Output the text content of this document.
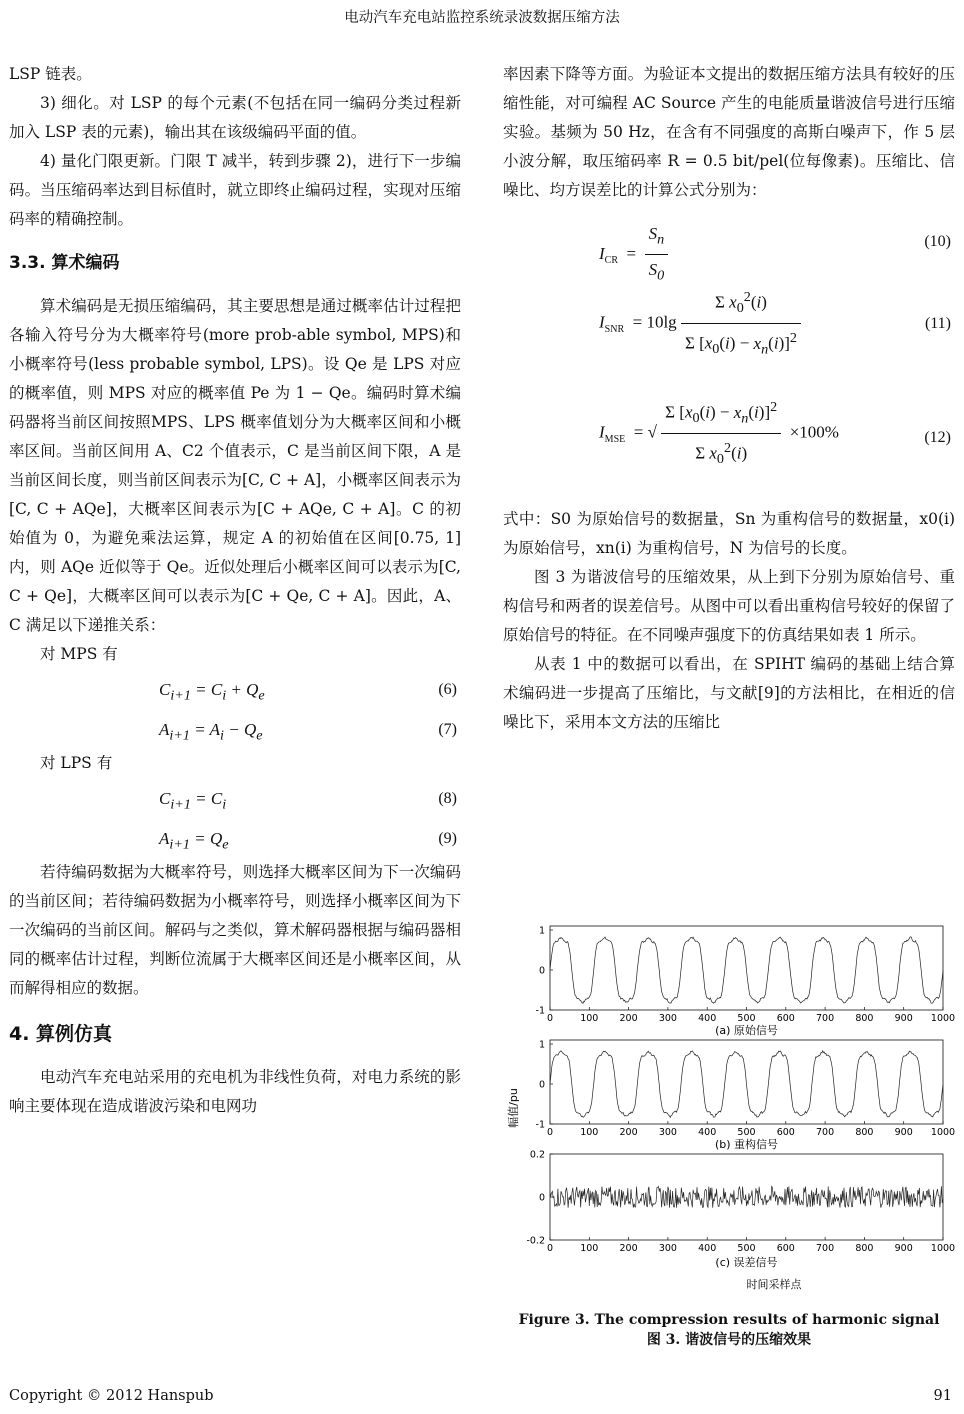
电动汽车充电站监控系统录波数据压缩方法

LSP 链表。

3) 细化。对 LSP 的每个元素(不包括在同一编码分类过程新加入 LSP 表的元素)，输出其在该级编码平面的值。

4) 量化门限更新。门限 T 减半，转到步骤 2)，进行下一步编码。当压缩码率达到目标值时，就立即终止编码过程，实现对压缩码率的精确控制。

3.3. 算术编码

算术编码是无损压缩编码，其主要思想是通过概率估计过程把各输入符号分为大概率符号(more prob-able symbol, MPS)和小概率符号(less probable symbol, LPS)。设 Qe 是 LPS 对应的概率值，则 MPS 对应的概率值 Pe 为 1 − Qe。编码时算术编码器将当前区间按照MPS、LPS 概率值划分为大概率区间和小概率区间。当前区间用 A、C2 个值表示，C 是当前区间下限，A 是当前区间长度，则当前区间表示为[C, C + A]，小概率区间表示为[C, C + AQe]，大概率区间表示为[C + AQe, C + A]。C 的初始值为 0，为避免乘法运算，规定 A 的初始值在区间[0.75, 1]内，则 AQe 近似等于 Qe。近似处理后小概率区间可以表示为[C, C + Qe]，大概率区间可以表示为[C + Qe, C + A]。因此，A、C 满足以下递推关系：

对 MPS 有

$C_{i+1} = C_i + Q_e$	(6)
$A_{i+1} = A_i - Q_e$	(7)

对 LPS 有

$C_{i+1} = C_i$	(8)
$A_{i+1} = Q_e$	(9)

若待编码数据为大概率符号，则选择大概率区间为下一次编码的当前区间；若待编码数据为小概率符号，则选择小概率区间为下一次编码的当前区间。解码与之类似，算术解码器根据与编码器相同的概率估计过程，判断位流属于大概率区间还是小概率区间，从而解得相应的数据。

4. 算例仿真

电动汽车充电站采用的充电机为非线性负荷，对电力系统的影响主要体现在造成谐波污染和电网功

率因素下降等方面。为验证本文提出的数据压缩方法具有较好的压缩性能，对可编程 AC Source 产生的电能质量谐波信号进行压缩实验。基频为 50 Hz，在含有不同强度的高斯白噪声下，作 5 层小波分解，取压缩码率 R = 0.5 bit/pel(位每像素)。压缩比、信噪比、均方误差比的计算公式分别为：

$I_{CR} = \frac{S_n}{S_0}$	(10)
$I_{SNR} = 10\lg \frac{\Sigma x_0^2(i)}{\Sigma [x_0(i) - x_n(i)]^2}$	(11)
$I_{MSE}$  = √ $\frac{\Sigma [x_0(i) - x_n(i)]^2}{\Sigma x_0^2(i)} \times 100\%$	(12)

式中：S0 为原始信号的数据量，Sn 为重构信号的数据量，x0(i) 为原始信号，xn(i) 为重构信号，N 为信号的长度。

图 3 为谐波信号的压缩效果，从上到下分别为原始信号、重构信号和两者的误差信号。从图中可以看出重构信号较好的保留了原始信号的特征。在不同噪声强度下的仿真结果如表 1 所示。

从表 1 中的数据可以看出，在 SPIHT 编码的基础上结合算术编码进一步提高了压缩比，与文献[9]的方法相比，在相近的信噪比下，采用本文方法的压缩比

幅值/pu
0	100 200 300 400 500 600 700 800 900 1000
1
0
-1
(a) 原始信号
0	100 200 300 400 500 600 700 800 900 1000
1
0
-1
(b) 重构信号
0	100 200 300 400 500 600 700 800 900 1000
0.2
0
-0.2
(c) 误差信号
时间采样点
Figure 3. The compression results of harmonic signal
图 3. 谐波信号的压缩效果
Copyright © 2012 Hanspub	91
